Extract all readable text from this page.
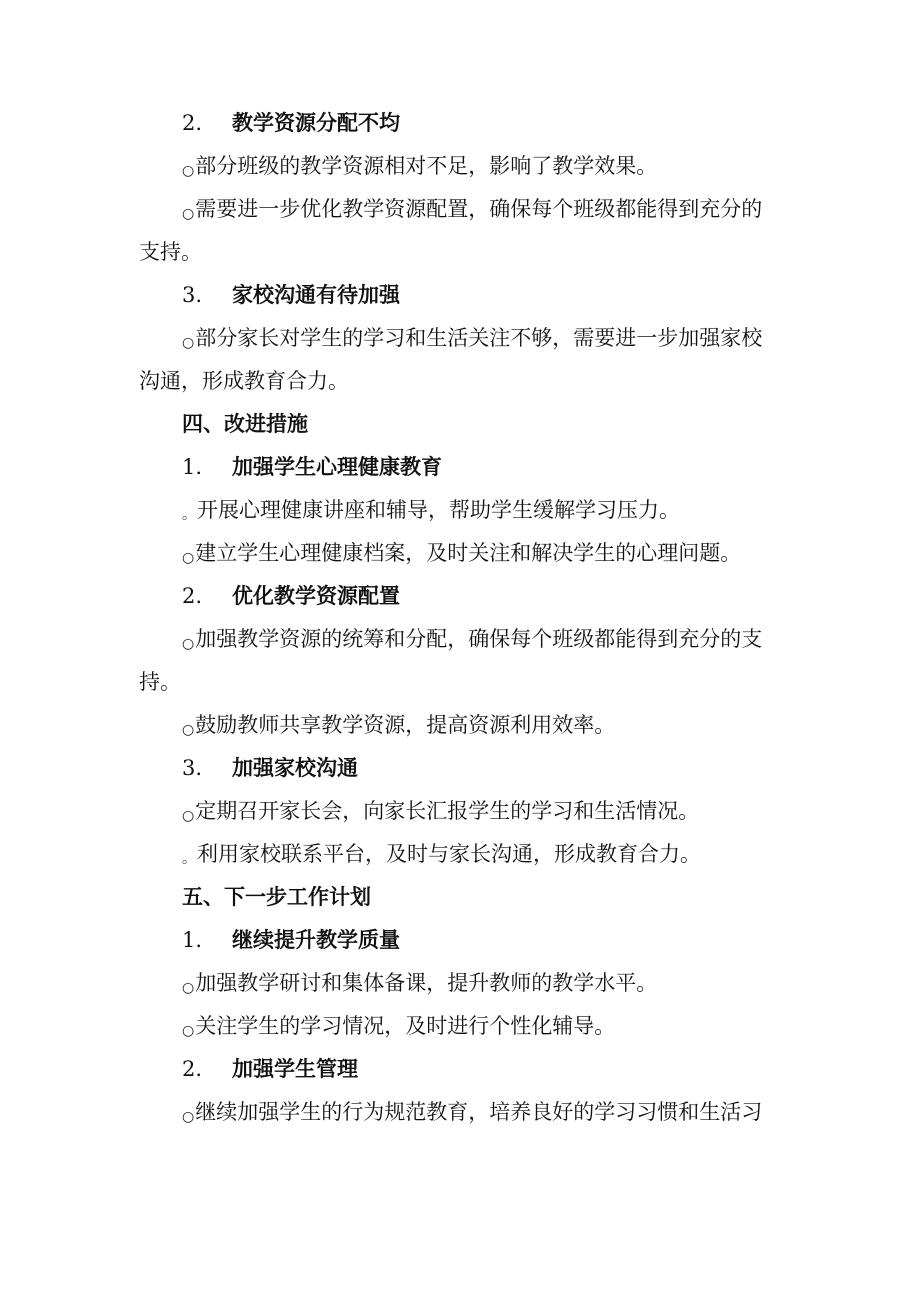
2. 教学资源分配不均
○部分班级的教学资源相对不足，影响了教学效果。
○需要进一步优化教学资源配置，确保每个班级都能得到充分的
支持。
3. 家校沟通有待加强
○部分家长对学生的学习和生活关注不够，需要进一步加强家校
沟通，形成教育合力。
四、改进措施
1. 加强学生心理健康教育
。开展心理健康讲座和辅导，帮助学生缓解学习压力。
○建立学生心理健康档案，及时关注和解决学生的心理问题。
2. 优化教学资源配置
○加强教学资源的统筹和分配，确保每个班级都能得到充分的支
持。
○鼓励教师共享教学资源，提高资源利用效率。
3. 加强家校沟通
○定期召开家长会，向家长汇报学生的学习和生活情况。
。利用家校联系平台，及时与家长沟通，形成教育合力。
五、下一步工作计划
1. 继续提升教学质量
○加强教学研讨和集体备课，提升教师的教学水平。
○关注学生的学习情况，及时进行个性化辅导。
2. 加强学生管理
○继续加强学生的行为规范教育，培养良好的学习习惯和生活习
